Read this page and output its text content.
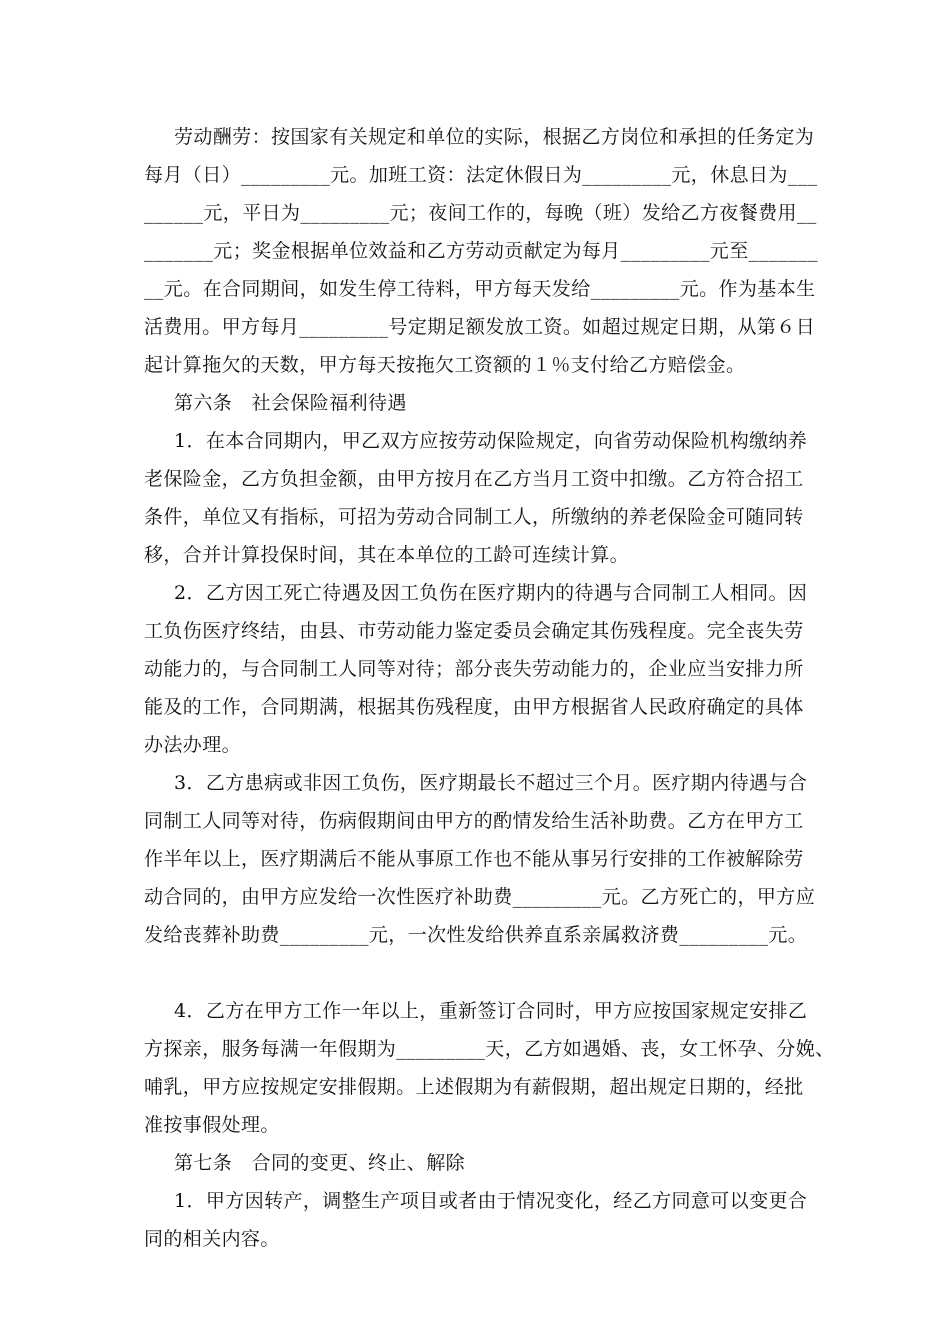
劳动酬劳：按国家有关规定和单位的实际，根据乙方岗位和承担的任务定为
每月（日）_________元。加班工资：法定休假日为_________元，休息日为___
______元，平日为_________元；夜间工作的，每晚（班）发给乙方夜餐费用__
_______元；奖金根据单位效益和乙方劳动贡献定为每月_________元至_______
__元。在合同期间，如发生停工待料，甲方每天发给_________元。作为基本生
活费用。甲方每月_________号定期足额发放工资。如超过规定日期，从第６日
起计算拖欠的天数，甲方每天按拖欠工资额的１％支付给乙方赔偿金。
第六条　社会保险福利待遇
1．在本合同期内，甲乙双方应按劳动保险规定，向省劳动保险机构缴纳养
老保险金，乙方负担金额，由甲方按月在乙方当月工资中扣缴。乙方符合招工
条件，单位又有指标，可招为劳动合同制工人，所缴纳的养老保险金可随同转
移，合并计算投保时间，其在本单位的工龄可连续计算。
2．乙方因工死亡待遇及因工负伤在医疗期内的待遇与合同制工人相同。因
工负伤医疗终结，由县、市劳动能力鉴定委员会确定其伤残程度。完全丧失劳
动能力的，与合同制工人同等对待；部分丧失劳动能力的，企业应当安排力所
能及的工作，合同期满，根据其伤残程度，由甲方根据省人民政府确定的具体
办法办理。
3．乙方患病或非因工负伤，医疗期最长不超过三个月。医疗期内待遇与合
同制工人同等对待，伤病假期间由甲方的酌情发给生活补助费。乙方在甲方工
作半年以上，医疗期满后不能从事原工作也不能从事另行安排的工作被解除劳
动合同的，由甲方应发给一次性医疗补助费_________元。乙方死亡的，甲方应
发给丧葬补助费_________元，一次性发给供养直系亲属救济费_________元。
4．乙方在甲方工作一年以上，重新签订合同时，甲方应按国家规定安排乙
方探亲，服务每满一年假期为_________天，乙方如遇婚、丧，女工怀孕、分娩、
哺乳，甲方应按规定安排假期。上述假期为有薪假期，超出规定日期的，经批
准按事假处理。
第七条　合同的变更、终止、解除
1．甲方因转产，调整生产项目或者由于情况变化，经乙方同意可以变更合
同的相关内容。
